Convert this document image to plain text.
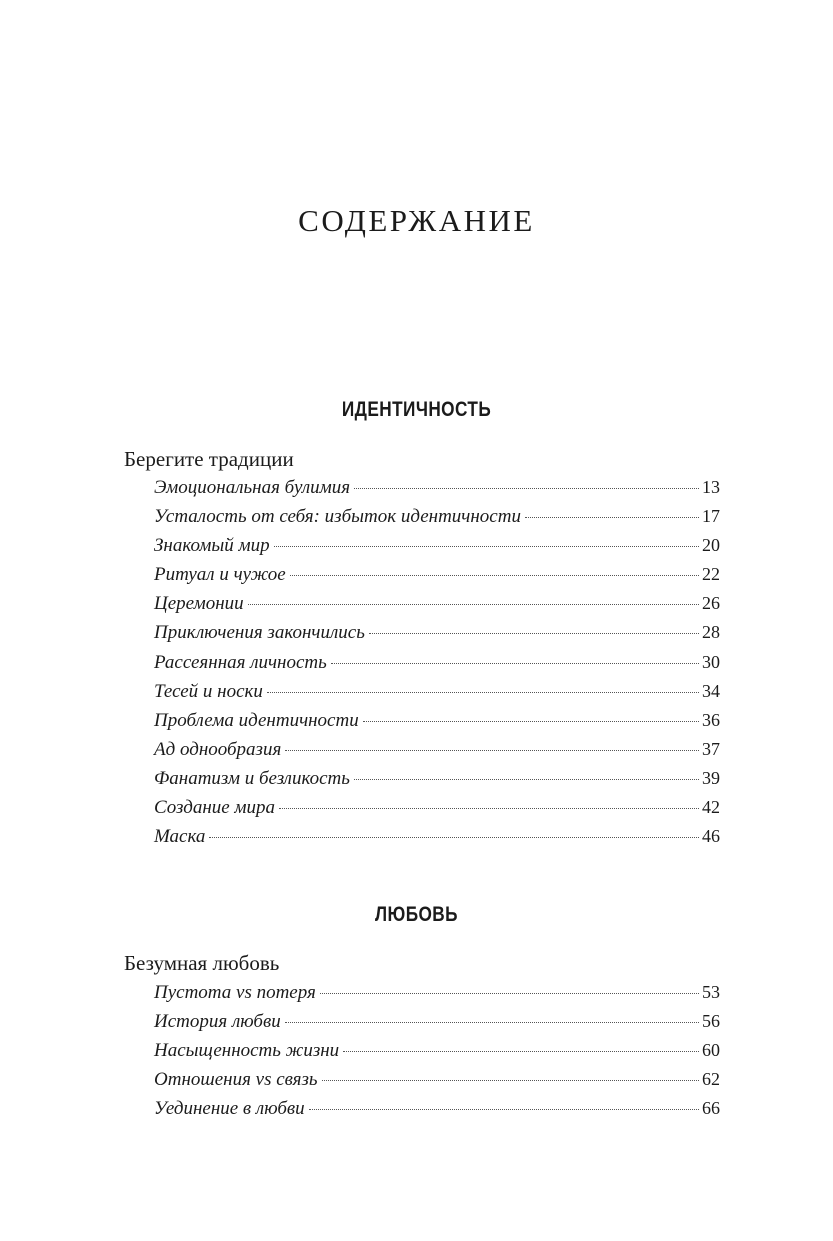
СОДЕРЖАНИЕ
ИДЕНТИЧНОСТЬ
Берегите традиции
Эмоциональная булимия	13
Усталость от себя: избыток идентичности	17
Знакомый мир	20
Ритуал и чужое	22
Церемонии	26
Приключения закончились	28
Рассеянная личность	30
Тесей и носки	34
Проблема идентичности	36
Ад однообразия	37
Фанатизм и безликость	39
Создание мира	42
Маска	46
ЛЮБОВЬ
Безумная любовь
Пустота vs потеря	53
История любви	56
Насыщенность жизни	60
Отношения vs связь	62
Уединение в любви	66
